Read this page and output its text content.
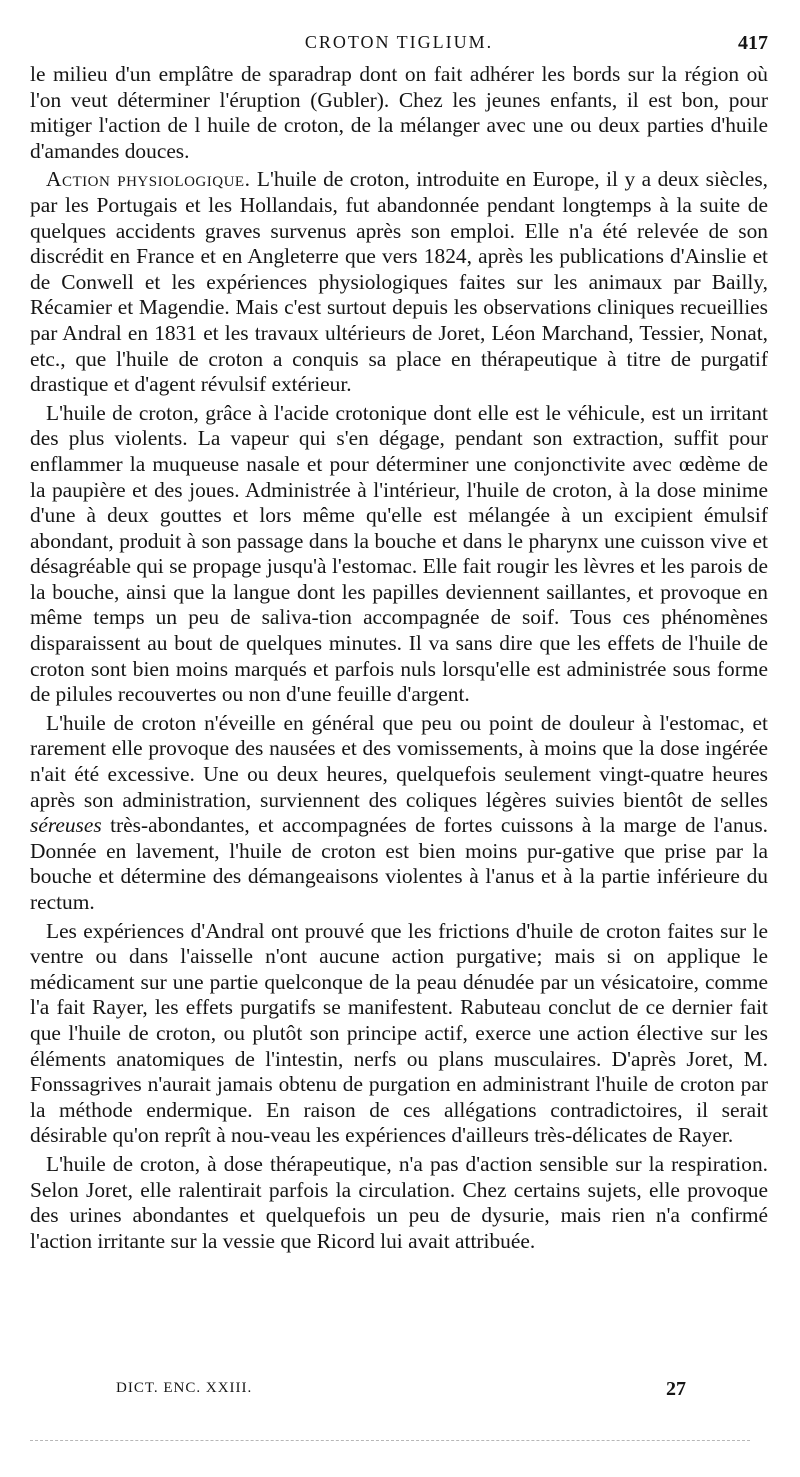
CROTON TIGLIUM.	417

le milieu d'un emplâtre de sparadrap dont on fait adhérer les bords sur la région où l'on veut déterminer l'éruption (Gubler). Chez les jeunes enfants, il est bon, pour mitiger l'action de l huile de croton, de la mélanger avec une ou deux parties d'huile d'amandes douces.

Action physiologique. L'huile de croton, introduite en Europe, il y a deux siècles, par les Portugais et les Hollandais, fut abandonnée pendant longtemps à la suite de quelques accidents graves survenus après son emploi. Elle n'a été relevée de son discrédit en France et en Angleterre que vers 1824, après les publications d'Ainslie et de Conwell et les expériences physiologiques faites sur les animaux par Bailly, Récamier et Magendie. Mais c'est surtout depuis les observations cliniques recueillies par Andral en 1831 et les travaux ultérieurs de Joret, Léon Marchand, Tessier, Nonat, etc., que l'huile de croton a conquis sa place en thérapeutique à titre de purgatif drastique et d'agent révulsif extérieur.

L'huile de croton, grâce à l'acide crotonique dont elle est le véhicule, est un irritant des plus violents. La vapeur qui s'en dégage, pendant son extraction, suffit pour enflammer la muqueuse nasale et pour déterminer une conjonctivite avec œdème de la paupière et des joues. Administrée à l'intérieur, l'huile de croton, à la dose minime d'une à deux gouttes et lors même qu'elle est mélangée à un excipient émulsif abondant, produit à son passage dans la bouche et dans le pharynx une cuisson vive et désagréable qui se propage jusqu'à l'estomac. Elle fait rougir les lèvres et les parois de la bouche, ainsi que la langue dont les papilles deviennent saillantes, et provoque en même temps un peu de saliva-tion accompagnée de soif. Tous ces phénomènes disparaissent au bout de quelques minutes. Il va sans dire que les effets de l'huile de croton sont bien moins marqués et parfois nuls lorsqu'elle est administrée sous forme de pilules recouvertes ou non d'une feuille d'argent.

L'huile de croton n'éveille en général que peu ou point de douleur à l'estomac, et rarement elle provoque des nausées et des vomissements, à moins que la dose ingérée n'ait été excessive. Une ou deux heures, quelquefois seulement vingt-quatre heures après son administration, surviennent des coliques légères suivies bientôt de selles séreuses très-abondantes, et accompagnées de fortes cuissons à la marge de l'anus. Donnée en lavement, l'huile de croton est bien moins pur-gative que prise par la bouche et détermine des démangeaisons violentes à l'anus et à la partie inférieure du rectum.

Les expériences d'Andral ont prouvé que les frictions d'huile de croton faites sur le ventre ou dans l'aisselle n'ont aucune action purgative; mais si on applique le médicament sur une partie quelconque de la peau dénudée par un vésicatoire, comme l'a fait Rayer, les effets purgatifs se manifestent. Rabuteau conclut de ce dernier fait que l'huile de croton, ou plutôt son principe actif, exerce une action élective sur les éléments anatomiques de l'intestin, nerfs ou plans musculaires. D'après Joret, M. Fonssagrives n'aurait jamais obtenu de purgation en administrant l'huile de croton par la méthode endermique. En raison de ces allégations contradictoires, il serait désirable qu'on reprît à nou-veau les expériences d'ailleurs très-délicates de Rayer.

L'huile de croton, à dose thérapeutique, n'a pas d'action sensible sur la respiration. Selon Joret, elle ralentirait parfois la circulation. Chez certains sujets, elle provoque des urines abondantes et quelquefois un peu de dysurie, mais rien n'a confirmé l'action irritante sur la vessie que Ricord lui avait attribuée.

DICT. ENC. XXIII.	27
